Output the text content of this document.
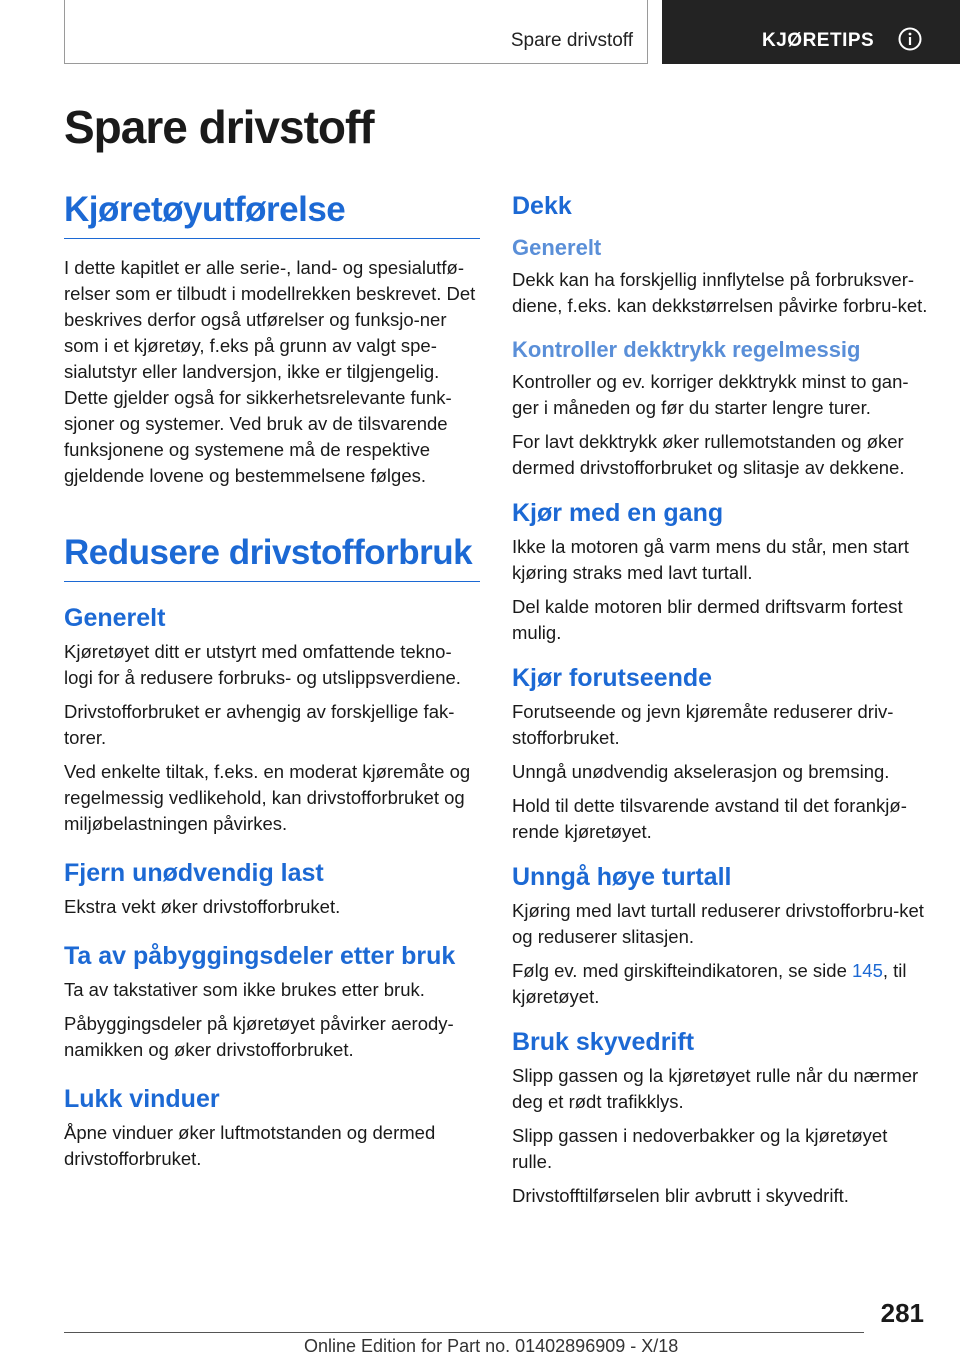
Spare drivstoff	KJØRETIPS
Spare drivstoff
Kjøretøyutførelse

I dette kapitlet er alle serie-, land- og spesialutfø‐relser som er tilbudt i modellrekken beskrevet. Det beskrives derfor også utførelser og funksjo‐ner som i et kjøretøy, f.eks på grunn av valgt spe‐sialutstyr eller landversjon, ikke er tilgjengelig. Dette gjelder også for sikkerhetsrelevante funk‐sjoner og systemer. Ved bruk av de tilsvarende funksjonene og systemene må de respektive gjeldende lovene og bestemmelsene følges.

Redusere drivstofforbruk
Generelt

Kjøretøyet ditt er utstyrt med omfattende tekno‐logi for å redusere forbruks- og utslippsverdiene.

Drivstofforbruket er avhengig av forskjellige fak‐torer.

Ved enkelte tiltak, f.eks. en moderat kjøremåte og regelmessig vedlikehold, kan drivstofforbruket og miljøbelastningen påvirkes.

Fjern unødvendig last

Ekstra vekt øker drivstofforbruket.

Ta av påbyggingsdeler etter bruk

Ta av takstativer som ikke brukes etter bruk.

Påbyggingsdeler på kjøretøyet påvirker aerody‐namikken og øker drivstofforbruket.

Lukk vinduer

Åpne vinduer øker luftmotstanden og dermed drivstofforbruket.

Dekk
Generelt

Dekk kan ha forskjellig innflytelse på forbruksver‐diene, f.eks. kan dekkstørrelsen påvirke forbru‐ket.

Kontroller dekktrykk regelmessig

Kontroller og ev. korriger dekktrykk minst to gan‐ger i måneden og før du starter lengre turer.

For lavt dekktrykk øker rullemotstanden og øker dermed drivstofforbruket og slitasje av dekkene.

Kjør med en gang

Ikke la motoren gå varm mens du står, men start kjøring straks med lavt turtall.

Del kalde motoren blir dermed driftsvarm fortest mulig.

Kjør forutseende

Forutseende og jevn kjøremåte reduserer driv‐stofforbruket.

Unngå unødvendig akselerasjon og bremsing.

Hold til dette tilsvarende avstand til det forankjø‐rende kjøretøyet.

Unngå høye turtall

Kjøring med lavt turtall reduserer drivstofforbru‐ket og reduserer slitasjen.

Følg ev. med girskifteindikatoren, se side 145, til kjøretøyet.

Bruk skyvedrift

Slipp gassen og la kjøretøyet rulle når du nærmer deg et rødt trafikklys.

Slipp gassen i nedoverbakker og la kjøretøyet rulle.

Drivstofftilførselen blir avbrutt i skyvedrift.

281
Online Edition for Part no. 01402896909 - X/18
